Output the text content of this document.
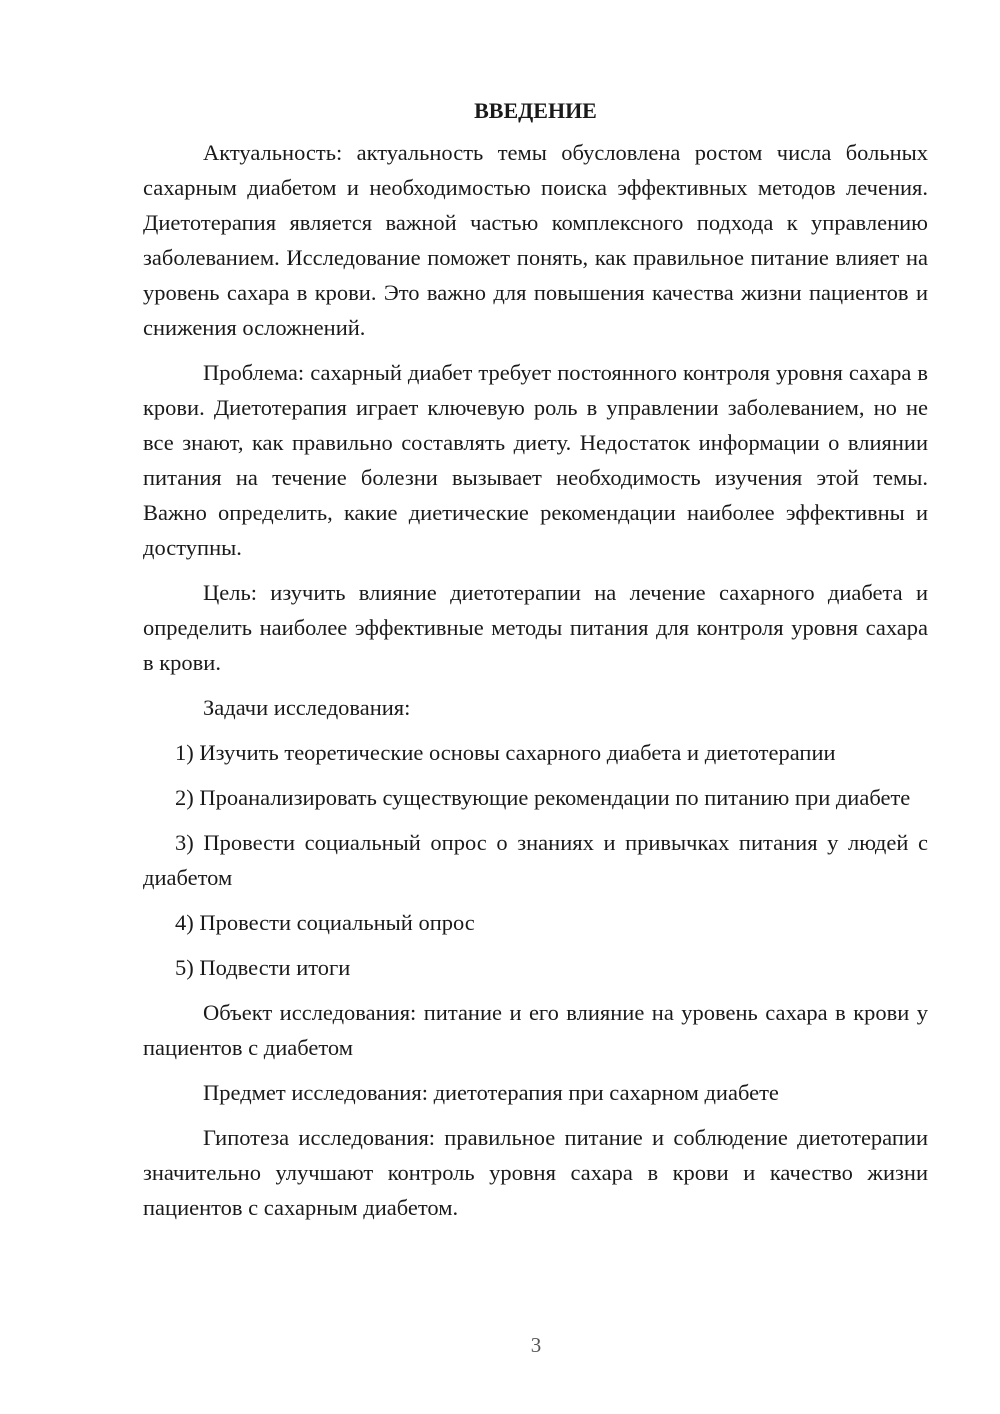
ВВЕДЕНИЕ

Актуальность: актуальность темы обусловлена ростом числа больных сахарным диабетом и необходимостью поиска эффективных методов лечения. Диетотерапия является важной частью комплексного подхода к управлению заболеванием. Исследование поможет понять, как правильное питание влияет на уровень сахара в крови. Это важно для повышения качества жизни пациентов и снижения осложнений.

Проблема: сахарный диабет требует постоянного контроля уровня сахара в крови. Диетотерапия играет ключевую роль в управлении заболеванием, но не все знают, как правильно составлять диету. Недостаток информации о влиянии питания на течение болезни вызывает необходимость изучения этой темы. Важно определить, какие диетические рекомендации наиболее эффективны и доступны.

Цель: изучить влияние диетотерапии на лечение сахарного диабета и определить наиболее эффективные методы питания для контроля уровня сахара в крови.

Задачи исследования:

1) Изучить теоретические основы сахарного диабета и диетотерапии

2) Проанализировать существующие рекомендации по питанию при диабете

3) Провести социальный опрос о знаниях и привычках питания у людей с диабетом

4) Провести социальный опрос

5) Подвести итоги

Объект исследования: питание и его влияние на уровень сахара в крови у пациентов с диабетом

Предмет исследования: диетотерапия при сахарном диабете

Гипотеза исследования: правильное питание и соблюдение диетотерапии значительно улучшают контроль уровня сахара в крови и качество жизни пациентов с сахарным диабетом.

3
